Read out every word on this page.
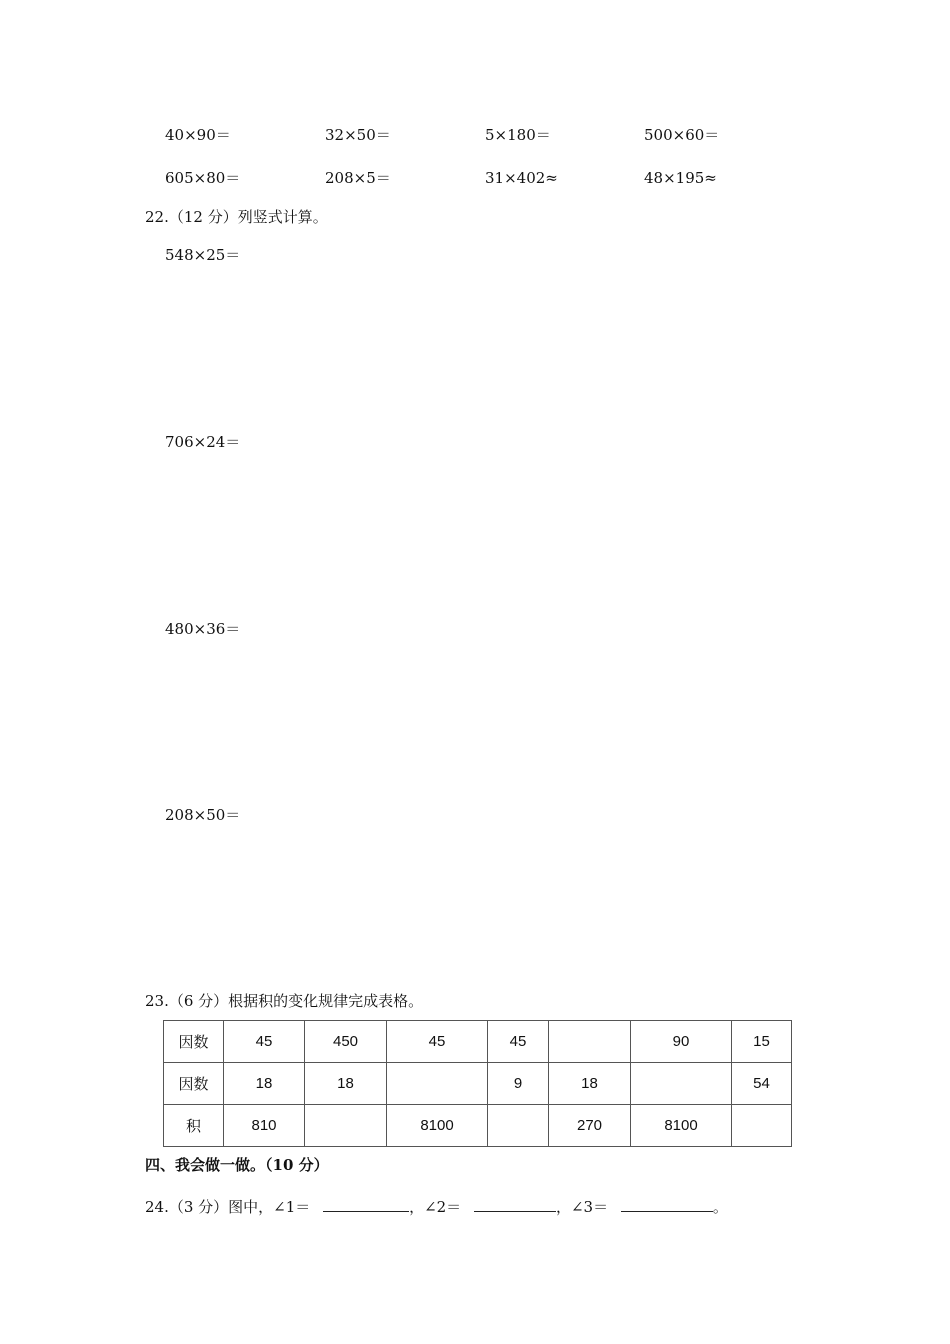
40×90＝	32×50＝	5×180＝	500×60＝
605×80＝	208×5＝	31×402≈	48×195≈
22.（12 分）列竖式计算。
548×25＝
706×24＝
480×36＝
208×50＝
23.（6 分）根据积的变化规律完成表格。
因数	45	450	45	45		90	15
因数	18	18		9	18		54
积	810		8100		270	8100	
四、我会做一做。（10 分）
24.（3 分）图中，∠1＝	，∠2＝	，∠3＝	。
